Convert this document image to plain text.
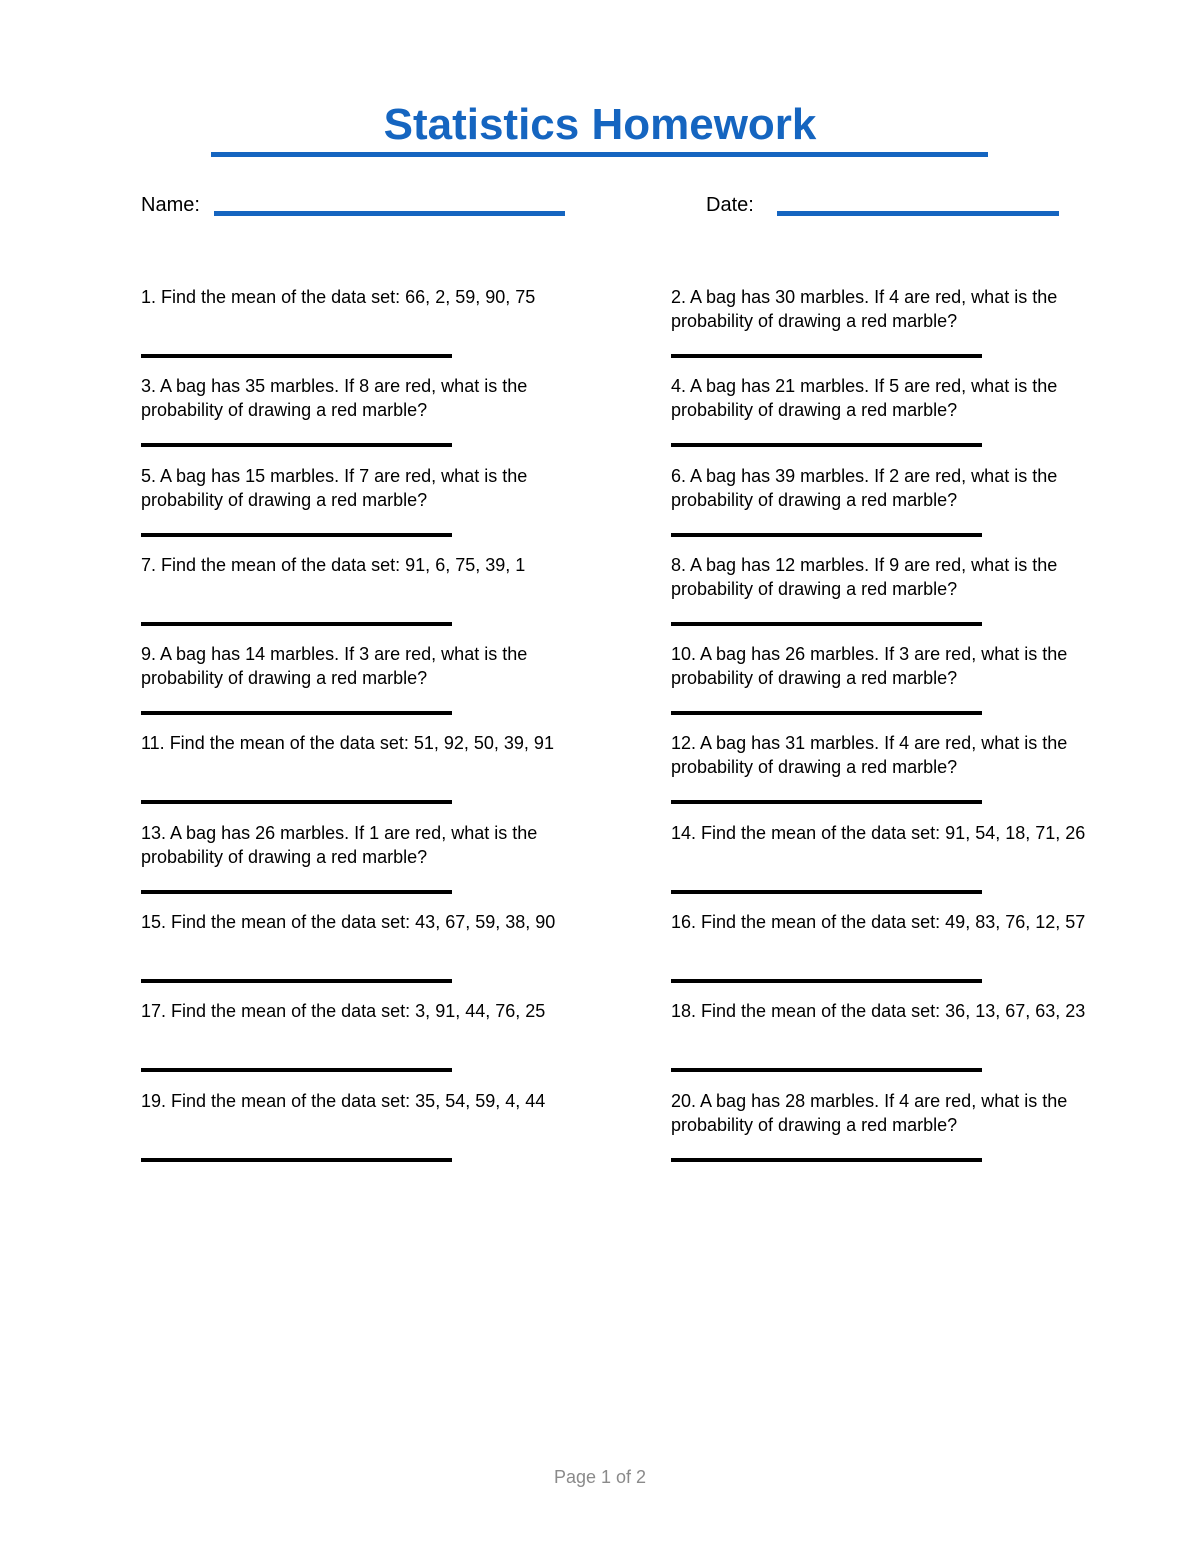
Statistics Homework
Name:	Date:

1. Find the mean of the data set: 66, 2, 59, 90, 75	2. A bag has 30 marbles. If 4 are red, what is the probability of drawing a red marble?

3. A bag has 35 marbles. If 8 are red, what is the probability of drawing a red marble?

4. A bag has 21 marbles. If 5 are red, what is the probability of drawing a red marble?

5. A bag has 15 marbles. If 7 are red, what is the probability of drawing a red marble?

6. A bag has 39 marbles. If 2 are red, what is the probability of drawing a red marble?

7. Find the mean of the data set: 91, 6, 75, 39, 1	8. A bag has 12 marbles. If 9 are red, what is the probability of drawing a red marble?

9. A bag has 14 marbles. If 3 are red, what is the probability of drawing a red marble?

10. A bag has 26 marbles. If 3 are red, what is the probability of drawing a red marble?

11. Find the mean of the data set: 51, 92, 50, 39, 91	12. A bag has 31 marbles. If 4 are red, what is the probability of drawing a red marble?

13. A bag has 26 marbles. If 1 are red, what is the probability of drawing a red marble?

14. Find the mean of the data set: 91, 54, 18, 71, 26

15. Find the mean of the data set: 43, 67, 59, 38, 90	16. Find the mean of the data set: 49, 83, 76, 12, 57

17. Find the mean of the data set: 3, 91, 44, 76, 25	18. Find the mean of the data set: 36, 13, 67, 63, 23

19. Find the mean of the data set: 35, 54, 59, 4, 44	20. A bag has 28 marbles. If 4 are red, what is the probability of drawing a red marble?

Page 1 of 2
